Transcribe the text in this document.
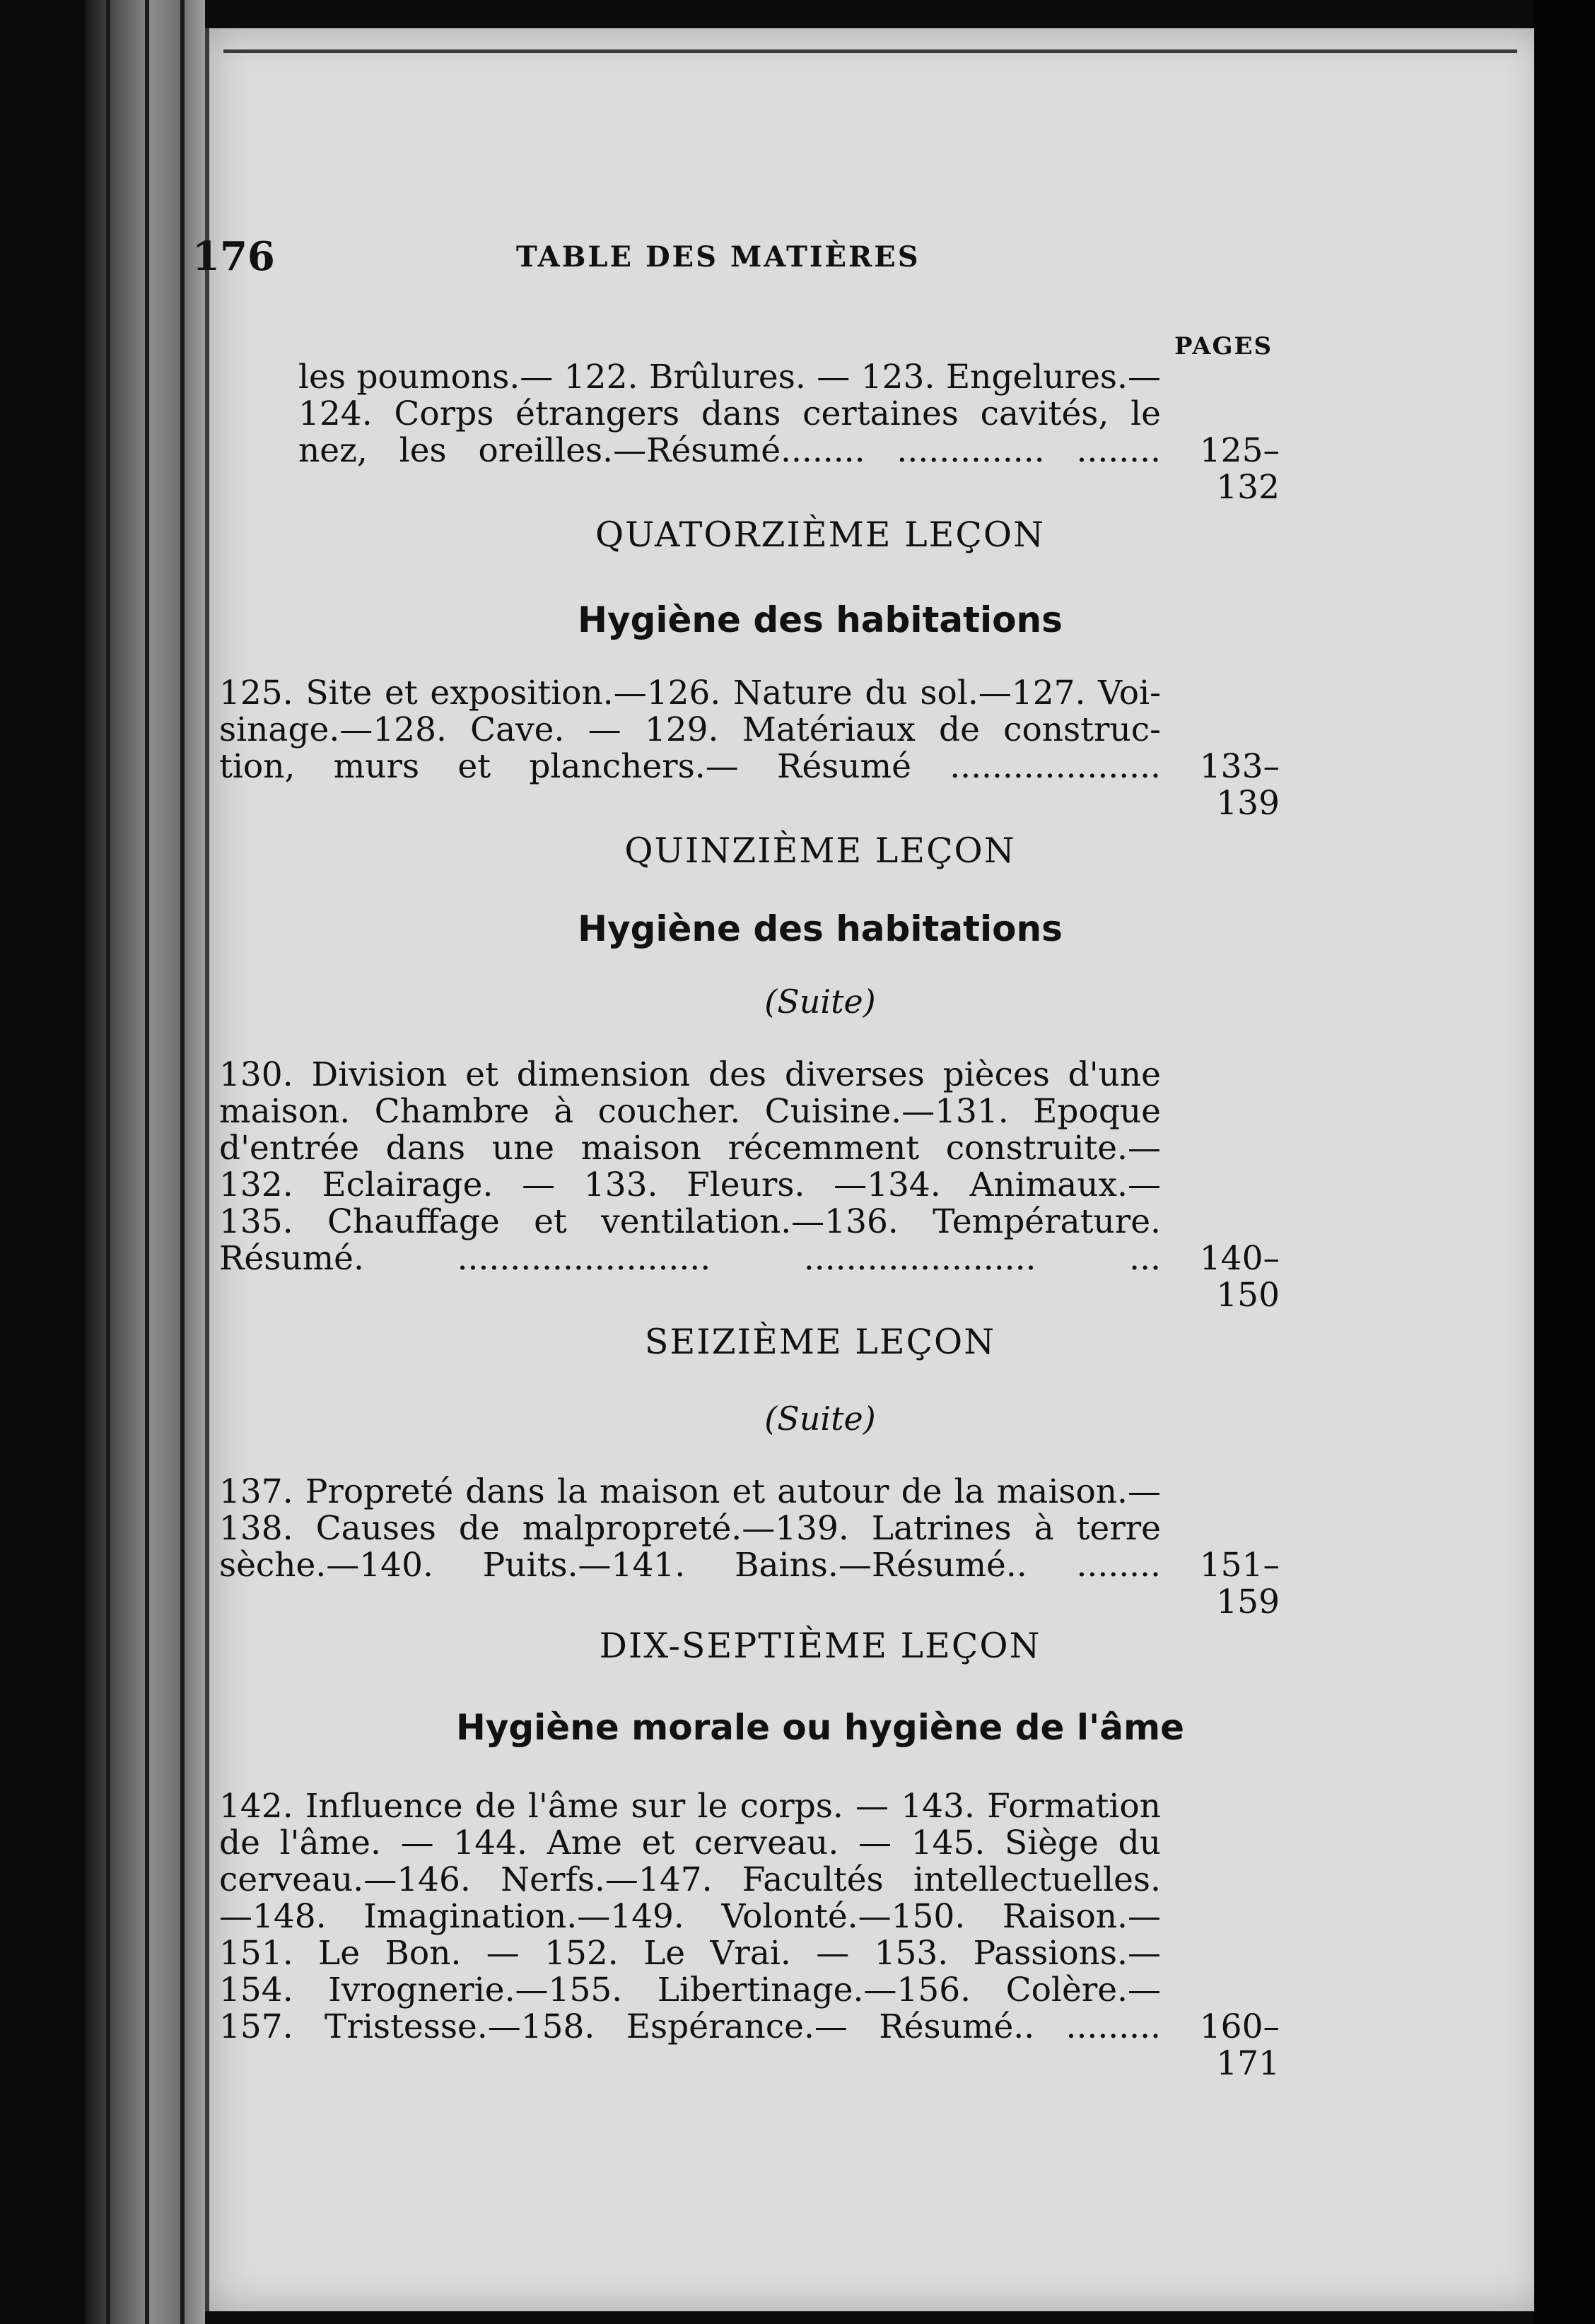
176	TABLE DES MATIÈRES
PAGES
les poumons.— 122. Brûlures. — 123. Engelures.—
124. Corps étrangers dans certaines cavités, le
nez, les oreilles.—Résumé........ .............. ........	125–132
QUATORZIÈME LEÇON
Hygiène des habitations
125. Site et exposition.—126. Nature du sol.—127. Voi-
sinage.—128. Cave. — 129. Matériaux de construc-
tion, murs et planchers.— Résumé ....................	133–139
QUINZIÈME LEÇON
Hygiène des habitations
(Suite)
130. Division et dimension des diverses pièces d'une
maison. Chambre à coucher. Cuisine.—131. Epoque
d'entrée dans une maison récemment construite.—
132. Eclairage. — 133. Fleurs. —134. Animaux.—
135. Chauffage et ventilation.—136. Température.
Résumé. ........................ ...................... ...	140–150
SEIZIÈME LEÇON
(Suite)
137. Propreté dans la maison et autour de la maison.—
138. Causes de malpropreté.—139. Latrines à terre
sèche.—140. Puits.—141. Bains.—Résumé.. ........	151–159
DIX-SEPTIÈME LEÇON
Hygiène morale ou hygiène de l'âme
142. Influence de l'âme sur le corps. — 143. Formation
de l'âme. — 144. Ame et cerveau. — 145. Siège du
cerveau.—146. Nerfs.—147. Facultés intellectuelles.
—148. Imagination.—149. Volonté.—150. Raison.—
151. Le Bon. — 152. Le Vrai. — 153. Passions.—
154. Ivrognerie.—155. Libertinage.—156. Colère.—
157. Tristesse.—158. Espérance.— Résumé.. .........	160–171
